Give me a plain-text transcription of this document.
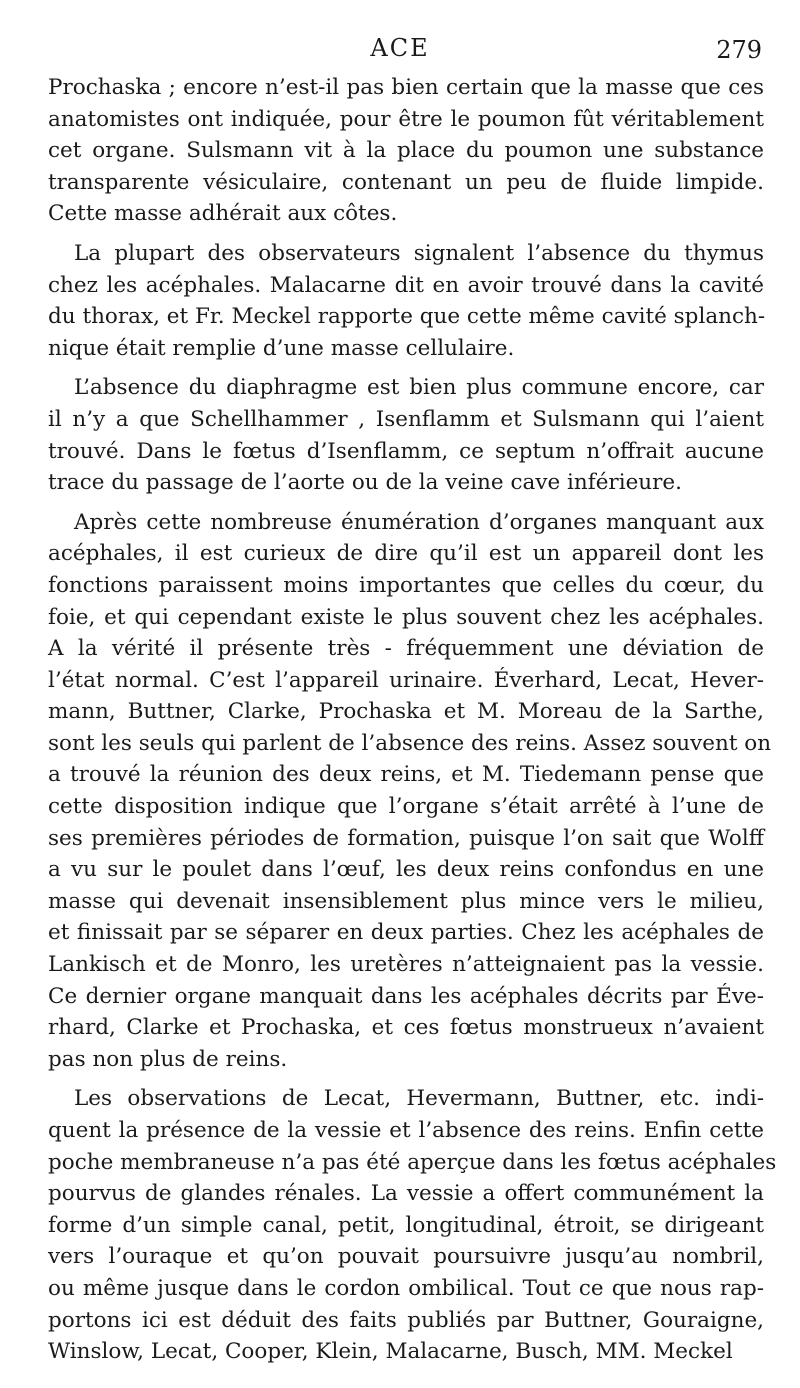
ACE	279
Prochaska ; encore n’est-il pas bien certain que la masse que ces
anatomistes ont indiquée, pour être le poumon fût véritablement
cet organe. Sulsmann vit à la place du poumon une substance
transparente vésiculaire, contenant un peu de fluide limpide.
Cette masse adhérait aux côtes.
La plupart des observateurs signalent l’absence du thymus
chez les acéphales. Malacarne dit en avoir trouvé dans la cavité
du thorax, et Fr. Meckel rapporte que cette même cavité splanch-
nique était remplie d’une masse cellulaire.
L’absence du diaphragme est bien plus commune encore, car
il n’y a que Schellhammer , Isenflamm et Sulsmann qui l’aient
trouvé. Dans le fœtus d’Isenflamm, ce septum n’offrait aucune
trace du passage de l’aorte ou de la veine cave inférieure.
Après cette nombreuse énumération d’organes manquant aux
acéphales, il est curieux de dire qu’il est un appareil dont les
fonctions paraissent moins importantes que celles du cœur, du
foie, et qui cependant existe le plus souvent chez les acéphales.
A la vérité il présente très - fréquemment une déviation de
l’état normal. C’est l’appareil urinaire. Éverhard, Lecat, Hever-
mann, Buttner, Clarke, Prochaska et M. Moreau de la Sarthe,
sont les seuls qui parlent de l’absence des reins. Assez souvent on
a trouvé la réunion des deux reins, et M. Tiedemann pense que
cette disposition indique que l’organe s’était arrêté à l’une de
ses premières périodes de formation, puisque l’on sait que Wolff
a vu sur le poulet dans l’œuf, les deux reins confondus en une
masse qui devenait insensiblement plus mince vers le milieu,
et finissait par se séparer en deux parties. Chez les acéphales de
Lankisch et de Monro, les uretères n’atteignaient pas la vessie.
Ce dernier organe manquait dans les acéphales décrits par Éve-
rhard, Clarke et Prochaska, et ces fœtus monstrueux n’avaient
pas non plus de reins.
Les observations de Lecat, Hevermann, Buttner, etc. indi-
quent la présence de la vessie et l’absence des reins. Enfin cette
poche membraneuse n’a pas été aperçue dans les fœtus acéphales
pourvus de glandes rénales. La vessie a offert communément la
forme d’un simple canal, petit, longitudinal, étroit, se dirigeant
vers l’ouraque et qu’on pouvait poursuivre jusqu’au nombril,
ou même jusque dans le cordon ombilical. Tout ce que nous rap-
portons ici est déduit des faits publiés par Buttner, Gouraigne,
Winslow, Lecat, Cooper, Klein, Malacarne, Busch, MM. Meckel
